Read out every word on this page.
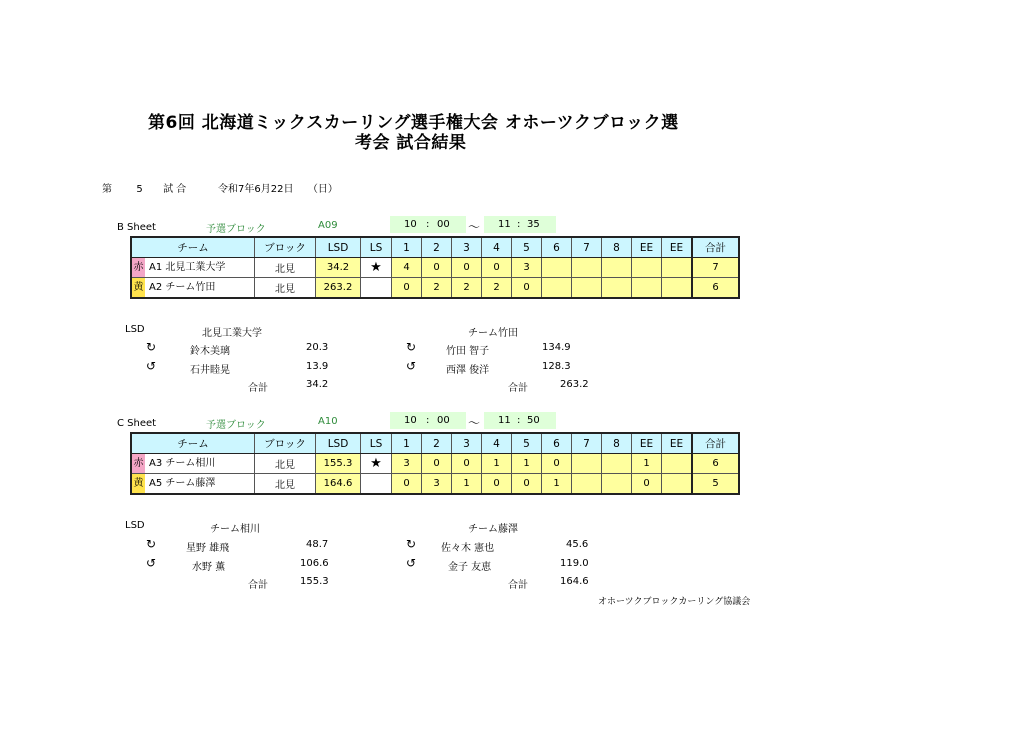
第6回 北海道ミックスカーリング選手権大会 オホーツクブロック選
考会 試合結果
第 5 試 合	令和7年6月22日 （日）
B Sheet	予選ブロック	A09	10 : 00 ～ 11 : 35
チーム	ブロック	LSD	LS	1	2	3	4	5	6	7	8	EE	EE	合計
赤 A1 北見工業大学	北見	34.2	★	4	0	0	0	3						7
黄 A2 チーム竹田	北見	263.2		0	2	2	2	0						6
LSD	北見工業大学	チーム竹田
↻	鈴木美璃	20.3
↺	石井睦晃	13.9
合計	34.2
↻	竹田 智子	134.9
↺	西澤 俊洋	128.3
合計	263.2
C Sheet	予選ブロック	A10	10 : 00 ～ 11 : 50
チーム	ブロック	LSD	LS	1	2	3	4	5	6	7	8	EE	EE	合計
赤 A3 チーム相川	北見	155.3	★	3	0	0	1	1	0			1		6
黄 A5 チーム藤澤	北見	164.6		0	3	1	0	0	1			0		5
LSD	チーム相川	チーム藤澤
↻	星野 雄飛	48.7
↺	水野 薫	106.6
合計	155.3
↻ 佐々木 憲也	45.6
↺	金子 友恵	119.0
合計	164.6
オホーツクブロックカーリング協議会
